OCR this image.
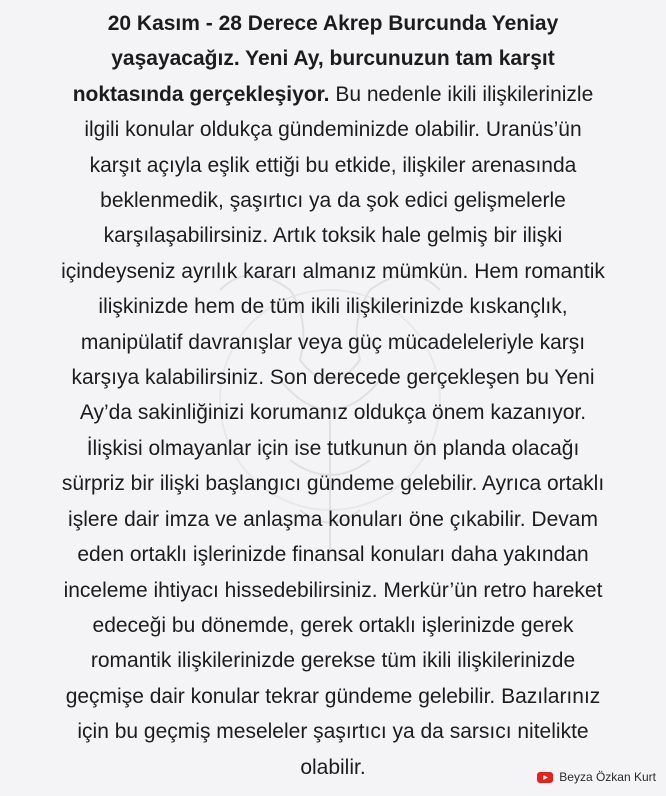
20 Kasım - 28 Derece Akrep Burcunda Yeniay
yaşayacağız. Yeni Ay, burcunuzun tam karşıt
noktasında gerçekleşiyor. Bu nedenle ikili ilişkilerinizle
ilgili konular oldukça gündeminizde olabilir. Uranüs’ün
karşıt açıyla eşlik ettiği bu etkide, ilişkiler arenasında
beklenmedik, şaşırtıcı ya da şok edici gelişmelerle
karşılaşabilirsiniz. Artık toksik hale gelmiş bir ilişki
içindeyseniz ayrılık kararı almanız mümkün. Hem romantik
ilişkinizde hem de tüm ikili ilişkilerinizde kıskançlık,
manipülatif davranışlar veya güç mücadeleleriyle karşı
karşıya kalabilirsiniz. Son derecede gerçekleşen bu Yeni
Ay’da sakinliğinizi korumanız oldukça önem kazanıyor.
İlişkisi olmayanlar için ise tutkunun ön planda olacağı
sürpriz bir ilişki başlangıcı gündeme gelebilir. Ayrıca ortaklı
işlere dair imza ve anlaşma konuları öne çıkabilir. Devam
eden ortaklı işlerinizde finansal konuları daha yakından
inceleme ihtiyacı hissedebilirsiniz. Merkür’ün retro hareket
edeceği bu dönemde, gerek ortaklı işlerinizde gerek
romantik ilişkilerinizde gerekse tüm ikili ilişkilerinizde
geçmişe dair konular tekrar gündeme gelebilir. Bazılarınız
için bu geçmiş meseleler şaşırtıcı ya da sarsıcı nitelikte
olabilir.	Beyza Özkan Kurt
